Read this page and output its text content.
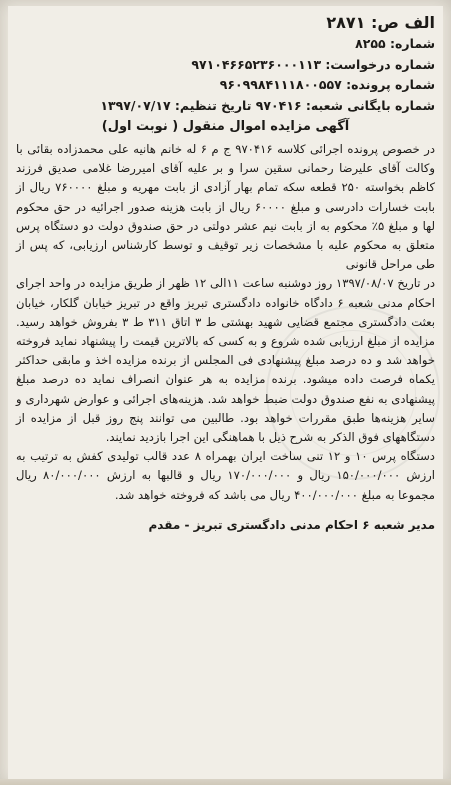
الف ص: ۲۸۷۱
شماره: ۸۲۵۵
شماره درخواست: ۹۷۱۰۴۶۶۵۲۳۶۰۰۰۱۱۳
شماره پرونده: ۹۶۰۹۹۸۴۱۱۱۸۰۰۵۵۷
شماره بایگانی شعبه: ۹۷۰۴۱۶ تاریخ تنظیم: ۱۳۹۷/۰۷/۱۷
آگهی مزایده اموال منقول ( نوبت اول)

در خصوص پرونده اجرائی کلاسه ۹۷۰۴۱۶ ج م ۶ له خانم هانیه علی محمدزاده بقائی با وکالت آقای علیرضا رحمانی سقین سرا و بر علیه آقای امیررضا غلامی صدیق فرزند کاظم بخواسته ۲۵۰ قطعه سکه تمام بهار آزادی از بابت مهریه و مبلغ ۷۶۰۰۰۰ ریال از بابت خسارات دادرسی و مبلغ ۶۰۰۰۰ ریال از بابت هزینه صدور اجرائیه در حق محکوم لها و مبلغ ۵٪ محکوم به از بابت نیم عشر دولتی در حق صندوق دولت دو دستگاه پرس متعلق به محکوم علیه با مشخصات زیر توقیف و توسط کارشناس ارزیابی، که پس از طی مراحل قانونی

در تاریخ ۱۳۹۷/۰۸/۰۷ روز دوشنبه ساعت ۱۱الی ۱۲ ظهر از طریق مزایده در واحد اجرای احکام مدنی شعبه ۶ دادگاه خانواده دادگستری تبریز واقع در تبریز خیابان گلکار، خیابان بعثت دادگستری مجتمع قضایی شهید بهشتی ط ۳ اتاق ۳۱۱ ط ۳ بفروش خواهد رسید. مزایده از مبلغ ارزیابی شده شروع و به کسی که بالاترین قیمت را پیشنهاد نماید فروخته خواهد شد و ده درصد مبلغ پیشنهادی فی المجلس از برنده مزایده اخذ و مابقی حداکثر یکماه فرصت داده میشود. برنده مزایده به هر عنوان انصراف نماید ده درصد مبلغ پیشنهادی به نفع صندوق دولت ضبط خواهد شد. هزینه‌های اجرائی و عوارض شهرداری و سایر هزینه‌ها طبق مقررات خواهد بود. طالبین می توانند پنج روز قبل از مزایده از دستگاههای فوق الذکر به شرح ذیل با هماهنگی این اجرا بازدید نمایند.

دستگاه پرس ۱۰ و ۱۲ تنی ساخت ایران بهمراه ۸ عدد قالب تولیدی کفش به ترتیب به ارزش ۱۵۰/۰۰۰/۰۰۰ ریال و ۱۷۰/۰۰۰/۰۰۰ ریال و قالبها به ارزش ۸۰/۰۰۰/۰۰۰ ریال مجموعا به مبلغ ۴۰۰/۰۰۰/۰۰۰ ریال می باشد که فروخته خواهد شد.

مدیر شعبه ۶ احکام مدنی دادگستری تبریز - مقدم
